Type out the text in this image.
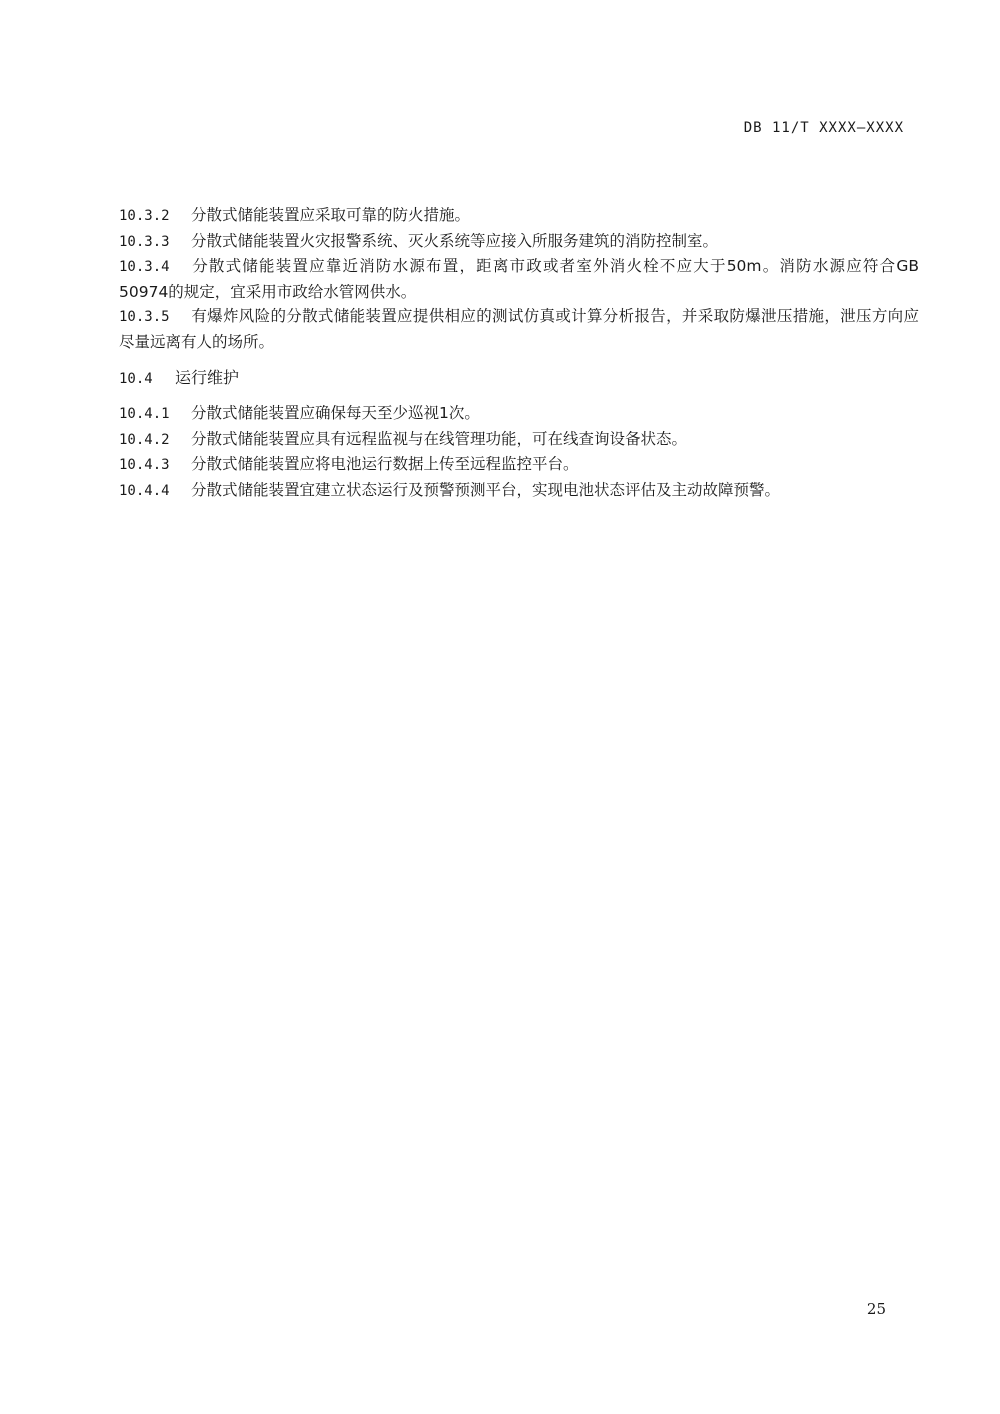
DB 11/T XXXX—XXXX
10.3.2 分散式储能装置应采取可靠的防火措施。
10.3.3 分散式储能装置火灾报警系统、灭火系统等应接入所服务建筑的消防控制室。
10.3.4 分散式储能装置应靠近消防水源布置，距离市政或者室外消火栓不应大于50m。消防水源应符合GB 50974的规定，宜采用市政给水管网供水。
10.3.5 有爆炸风险的分散式储能装置应提供相应的测试仿真或计算分析报告，并采取防爆泄压措施，泄压方向应尽量远离有人的场所。
10.4 运行维护
10.4.1 分散式储能装置应确保每天至少巡视1次。
10.4.2 分散式储能装置应具有远程监视与在线管理功能，可在线查询设备状态。
10.4.3 分散式储能装置应将电池运行数据上传至远程监控平台。
10.4.4 分散式储能装置宜建立状态运行及预警预测平台，实现电池状态评估及主动故障预警。
25
